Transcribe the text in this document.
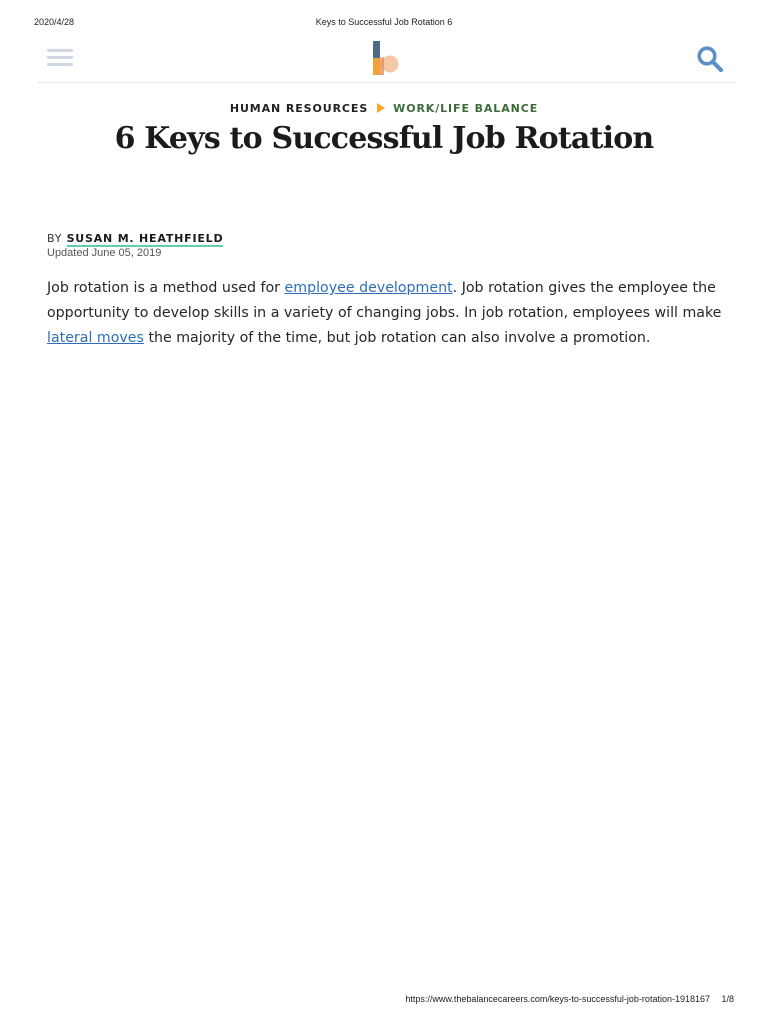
2020/4/28	Keys to Successful Job Rotation 6
HUMAN RESOURCES WORK/LIFE BALANCE
6 Keys to Successful Job Rotation
BY SUSAN M. HEATHFIELD
Updated June 05, 2019

Job rotation is a method used for employee development. Job rotation gives the employee the opportunity to develop skills in a variety of changing jobs. In job rotation, employees will make lateral moves the majority of the time, but job rotation can also involve a promotion.

https://www.thebalancecareers.com/keys-to-successful-job-rotation-1918167 1/8
